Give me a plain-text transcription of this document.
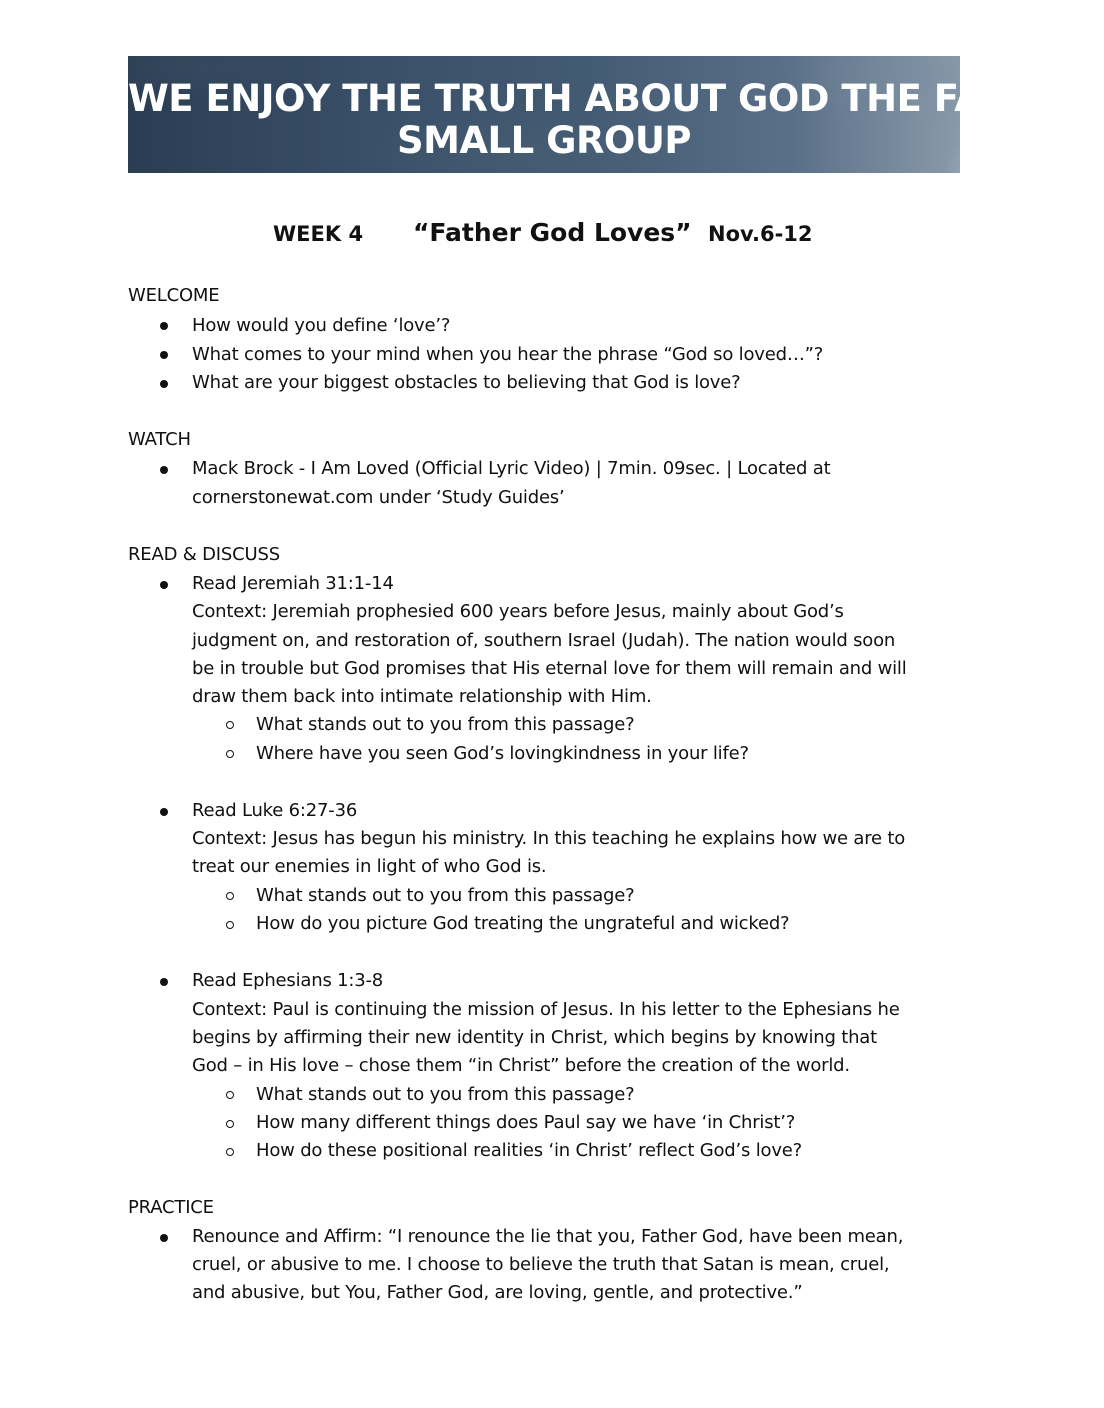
WE ENJOY THE TRUTH ABOUT GOD THE FATHER!
SMALL GROUP
WEEK 4 “Father God Loves” Nov.6-12
WELCOME
How would you define ‘love’?
What comes to your mind when you hear the phrase “God so loved…”?
What are your biggest obstacles to believing that God is love?
WATCH
Mack Brock - I Am Loved (Official Lyric Video) | 7min. 09sec. | Located at
cornerstonewat.com under ‘Study Guides’
READ & DISCUSS
Read Jeremiah 31:1-14
Context: Jeremiah prophesied 600 years before Jesus, mainly about God’s
judgment on, and restoration of, southern Israel (Judah). The nation would soon
be in trouble but God promises that His eternal love for them will remain and will
draw them back into intimate relationship with Him.
What stands out to you from this passage?
Where have you seen God’s lovingkindness in your life?
Read Luke 6:27-36
Context: Jesus has begun his ministry. In this teaching he explains how we are to
treat our enemies in light of who God is.
What stands out to you from this passage?
How do you picture God treating the ungrateful and wicked?
Read Ephesians 1:3-8
Context: Paul is continuing the mission of Jesus. In his letter to the Ephesians he
begins by affirming their new identity in Christ, which begins by knowing that
God – in His love – chose them “in Christ” before the creation of the world.
What stands out to you from this passage?
How many different things does Paul say we have ‘in Christ’?
How do these positional realities ‘in Christ’ reflect God’s love?
PRACTICE
Renounce and Affirm: “I renounce the lie that you, Father God, have been mean,
cruel, or abusive to me. I choose to believe the truth that Satan is mean, cruel,
and abusive, but You, Father God, are loving, gentle, and protective.”
